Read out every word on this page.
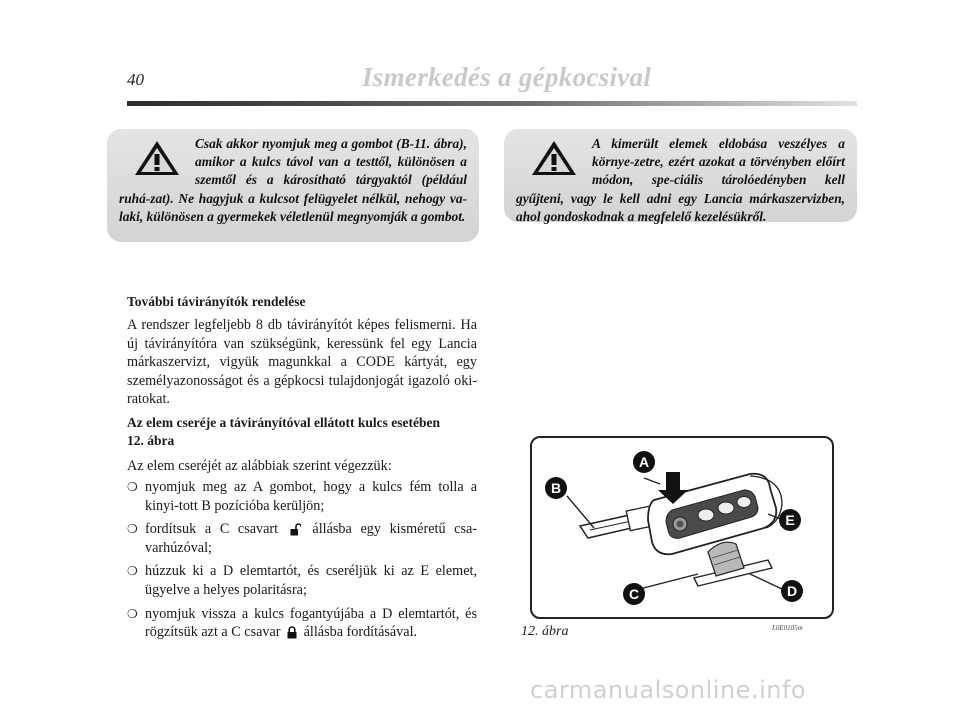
40	Ismerkedés a gépkocsival
Csak akkor nyomjuk meg a gombot (B-11. ábra), amikor a kulcs távol van a testtől, különösen a szemtől és a károsítható tárgyaktól (például ruhá-zat). Ne hagyjuk a kulcsot felügyelet nélkül, nehogy va-laki, különösen a gyermekek véletlenül megnyomják a gombot.
A kimerült elemek eldobása veszélyes a környe-zetre, ezért azokat a törvényben előírt módon, spe-ciális tárolóedényben kell gyűjteni, vagy le kell adni egy Lancia márkaszervizben, ahol gondoskodnak a megfelelő kezelésükről.
További távirányítók rendelése
A rendszer legfeljebb 8 db távirányítót képes felismerni. Ha új távirányítóra van szükségünk, keressünk fel egy Lancia márkaszervizt, vigyük magunkkal a CODE kártyát, egy személyazonosságot és a gépkocsi tulajdonjogát igazoló oki-ratokat.
Az elem cseréje a távirányítóval ellátott kulcs esetében
12. ábra
Az elem cseréjét az alábbiak szerint végezzük:
❍ nyomjuk meg az A gombot, hogy a kulcs fém tolla a kinyi-tott B pozícióba kerüljön;
❍ fordítsuk a C csavart állásba egy kisméretű csa-varhúzóval;
❍ húzzuk ki a D elemtartót, és cseréljük ki az E elemet, ügyelve a helyes polaritásra;
❍ nyomjuk vissza a kulcs fogantyújába a D elemtartót, és rögzítsük azt a C csavar állásba fordításával.
A
B
C	D
E
12. ábra	L0E0105m
carmanualsonline.info
